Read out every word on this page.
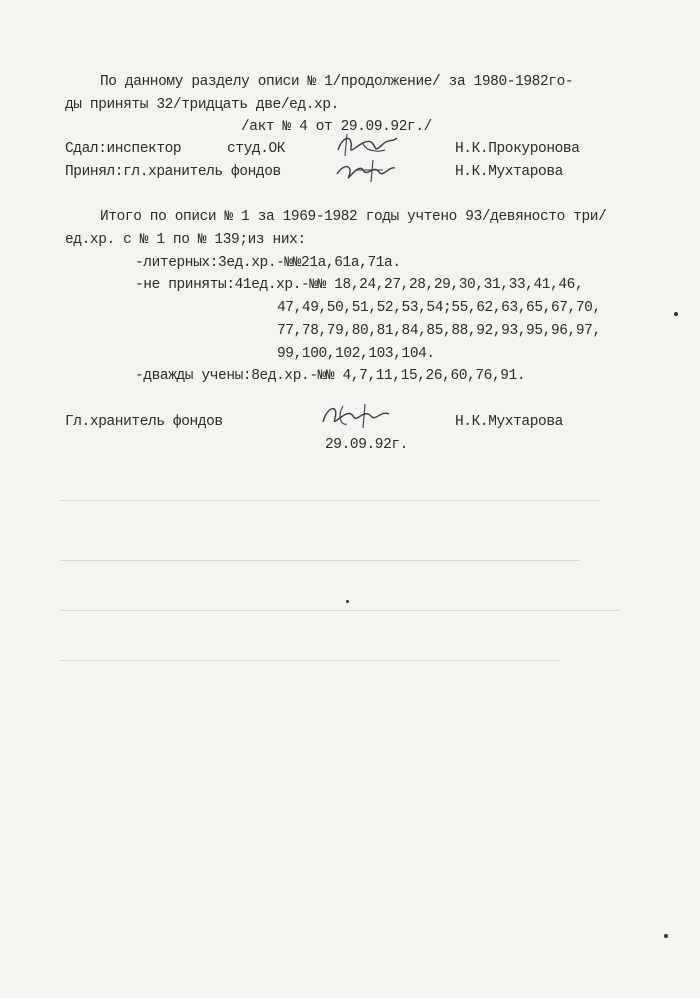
По данному разделу описи № 1/продолжение/ за 1980-1982го-
ды приняты 32/тридцать две/ед.хр.
/акт № 4 от 29.09.92г./
Сдал:инспектор	студ.ОК	Н.К.Прокуронова
Принял:гл.хранитель фондов	Н.К.Мухтарова
Итого по описи № 1 за 1969-1982 годы учтено 93/девяносто три/
ед.хр. с № 1 по № 139;из них:
-литерных:3ед.хр.-№№21а,61а,71а.
-не приняты:41ед.хр.-№№ 18,24,27,28,29,30,31,33,41,46,
47,49,50,51,52,53,54;55,62,63,65,67,70,
77,78,79,80,81,84,85,88,92,93,95,96,97,
99,100,102,103,104.
-дважды учены:8ед.хр.-№№ 4,7,11,15,26,60,76,91.
Гл.хранитель фондов	Н.К.Мухтарова
29.09.92г.
